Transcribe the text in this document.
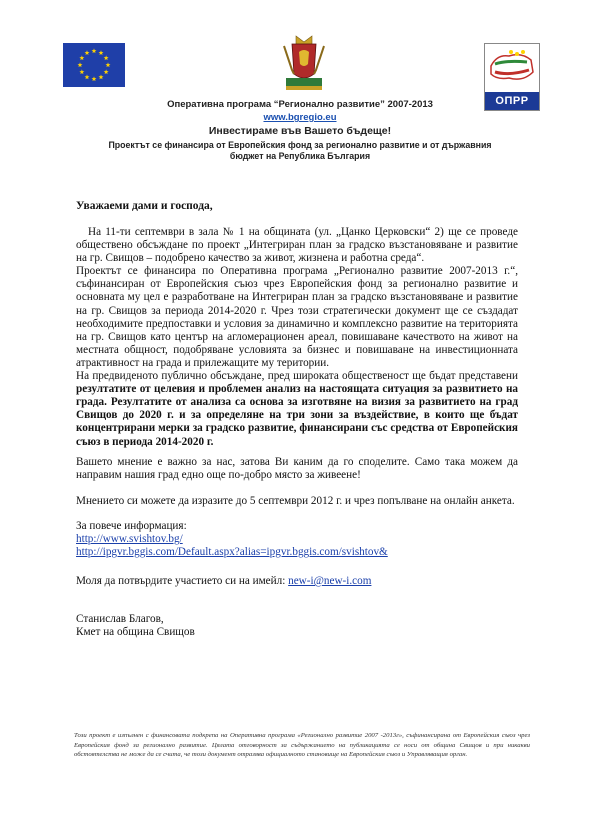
ОПРР
Оперативна програма “Регионално развитие” 2007-2013
www.bgregio.eu
Инвестираме във Вашето бъдеще!
Проектът се финансира от Европейския фонд за регионално развитие и от държавния
бюджет на Република България
Уважаеми дами и господа,
На 11-ти септември в зала № 1 на общината (ул. „Цанко Церковски“ 2) ще се проведе обществено обсъждане по проект „Интегриран план за градско възстановяване и развитие на гр. Свищов – подобрено качество за живот, жизнена и работна среда“.
Проектът се финансира по Оперативна програма „Регионално развитие 2007-2013 г.“, съфинансиран от Европейския съюз чрез Европейския фонд за регионално развитие и основната му цел е разработване на Интегриран план за градско възстановяване и развитие на гр. Свищов за периода 2014-2020 г. Чрез този стратегически документ ще се създадат необходимите предпоставки и условия за динамично и комплексно развитие на територията на гр. Свищов като център на агломерационен ареал, повишаване качеството на живот на местната общност, подобряване условията за бизнес и повишаване на инвестиционната атрактивност на града и прилежащите му територии.
На предвиденото публично обсъждане, пред широката общественост ще бъдат представени резултатите от целевия и проблемен анализ на настоящата ситуация за развитието на града. Резултатите от анализа са основа за изготвяне на визия за развитието на град Свищов до 2020 г. и за определяне на три зони за въздействие, в които ще бъдат концентрирани мерки за градско развитие, финансирани със средства от Европейския съюз в периода 2014-2020 г.
Вашето мнение е важно за нас, затова Ви каним да го споделите. Само така можем да направим нашия град едно още по-добро място за живеене!
Мнението си можете да изразите до 5 септември 2012 г. и чрез попълване на онлайн анкета.
За повече информация:
http://www.svishtov.bg/
http://ipgvr.bggis.com/Default.aspx?alias=ipgvr.bggis.com/svishtov&
Моля да потвърдите участието си на имейл: new-i@new-i.com
Станислав Благов,
Кмет на община Свищов
Този проект е изпълнен с финансовата подкрепа на Оперативна програма «Регионално развитие 2007 -2013г», съфинансирана от Европейския съюз чрез Европейския фонд за регионално развитие. Цялата отговорност за съдържанието на публикацията се носи от община Свищов и при никакви обстоятелства не може да се счита, че този документ отразява официалното становище на Европейския съюз и Управляващия орган.
